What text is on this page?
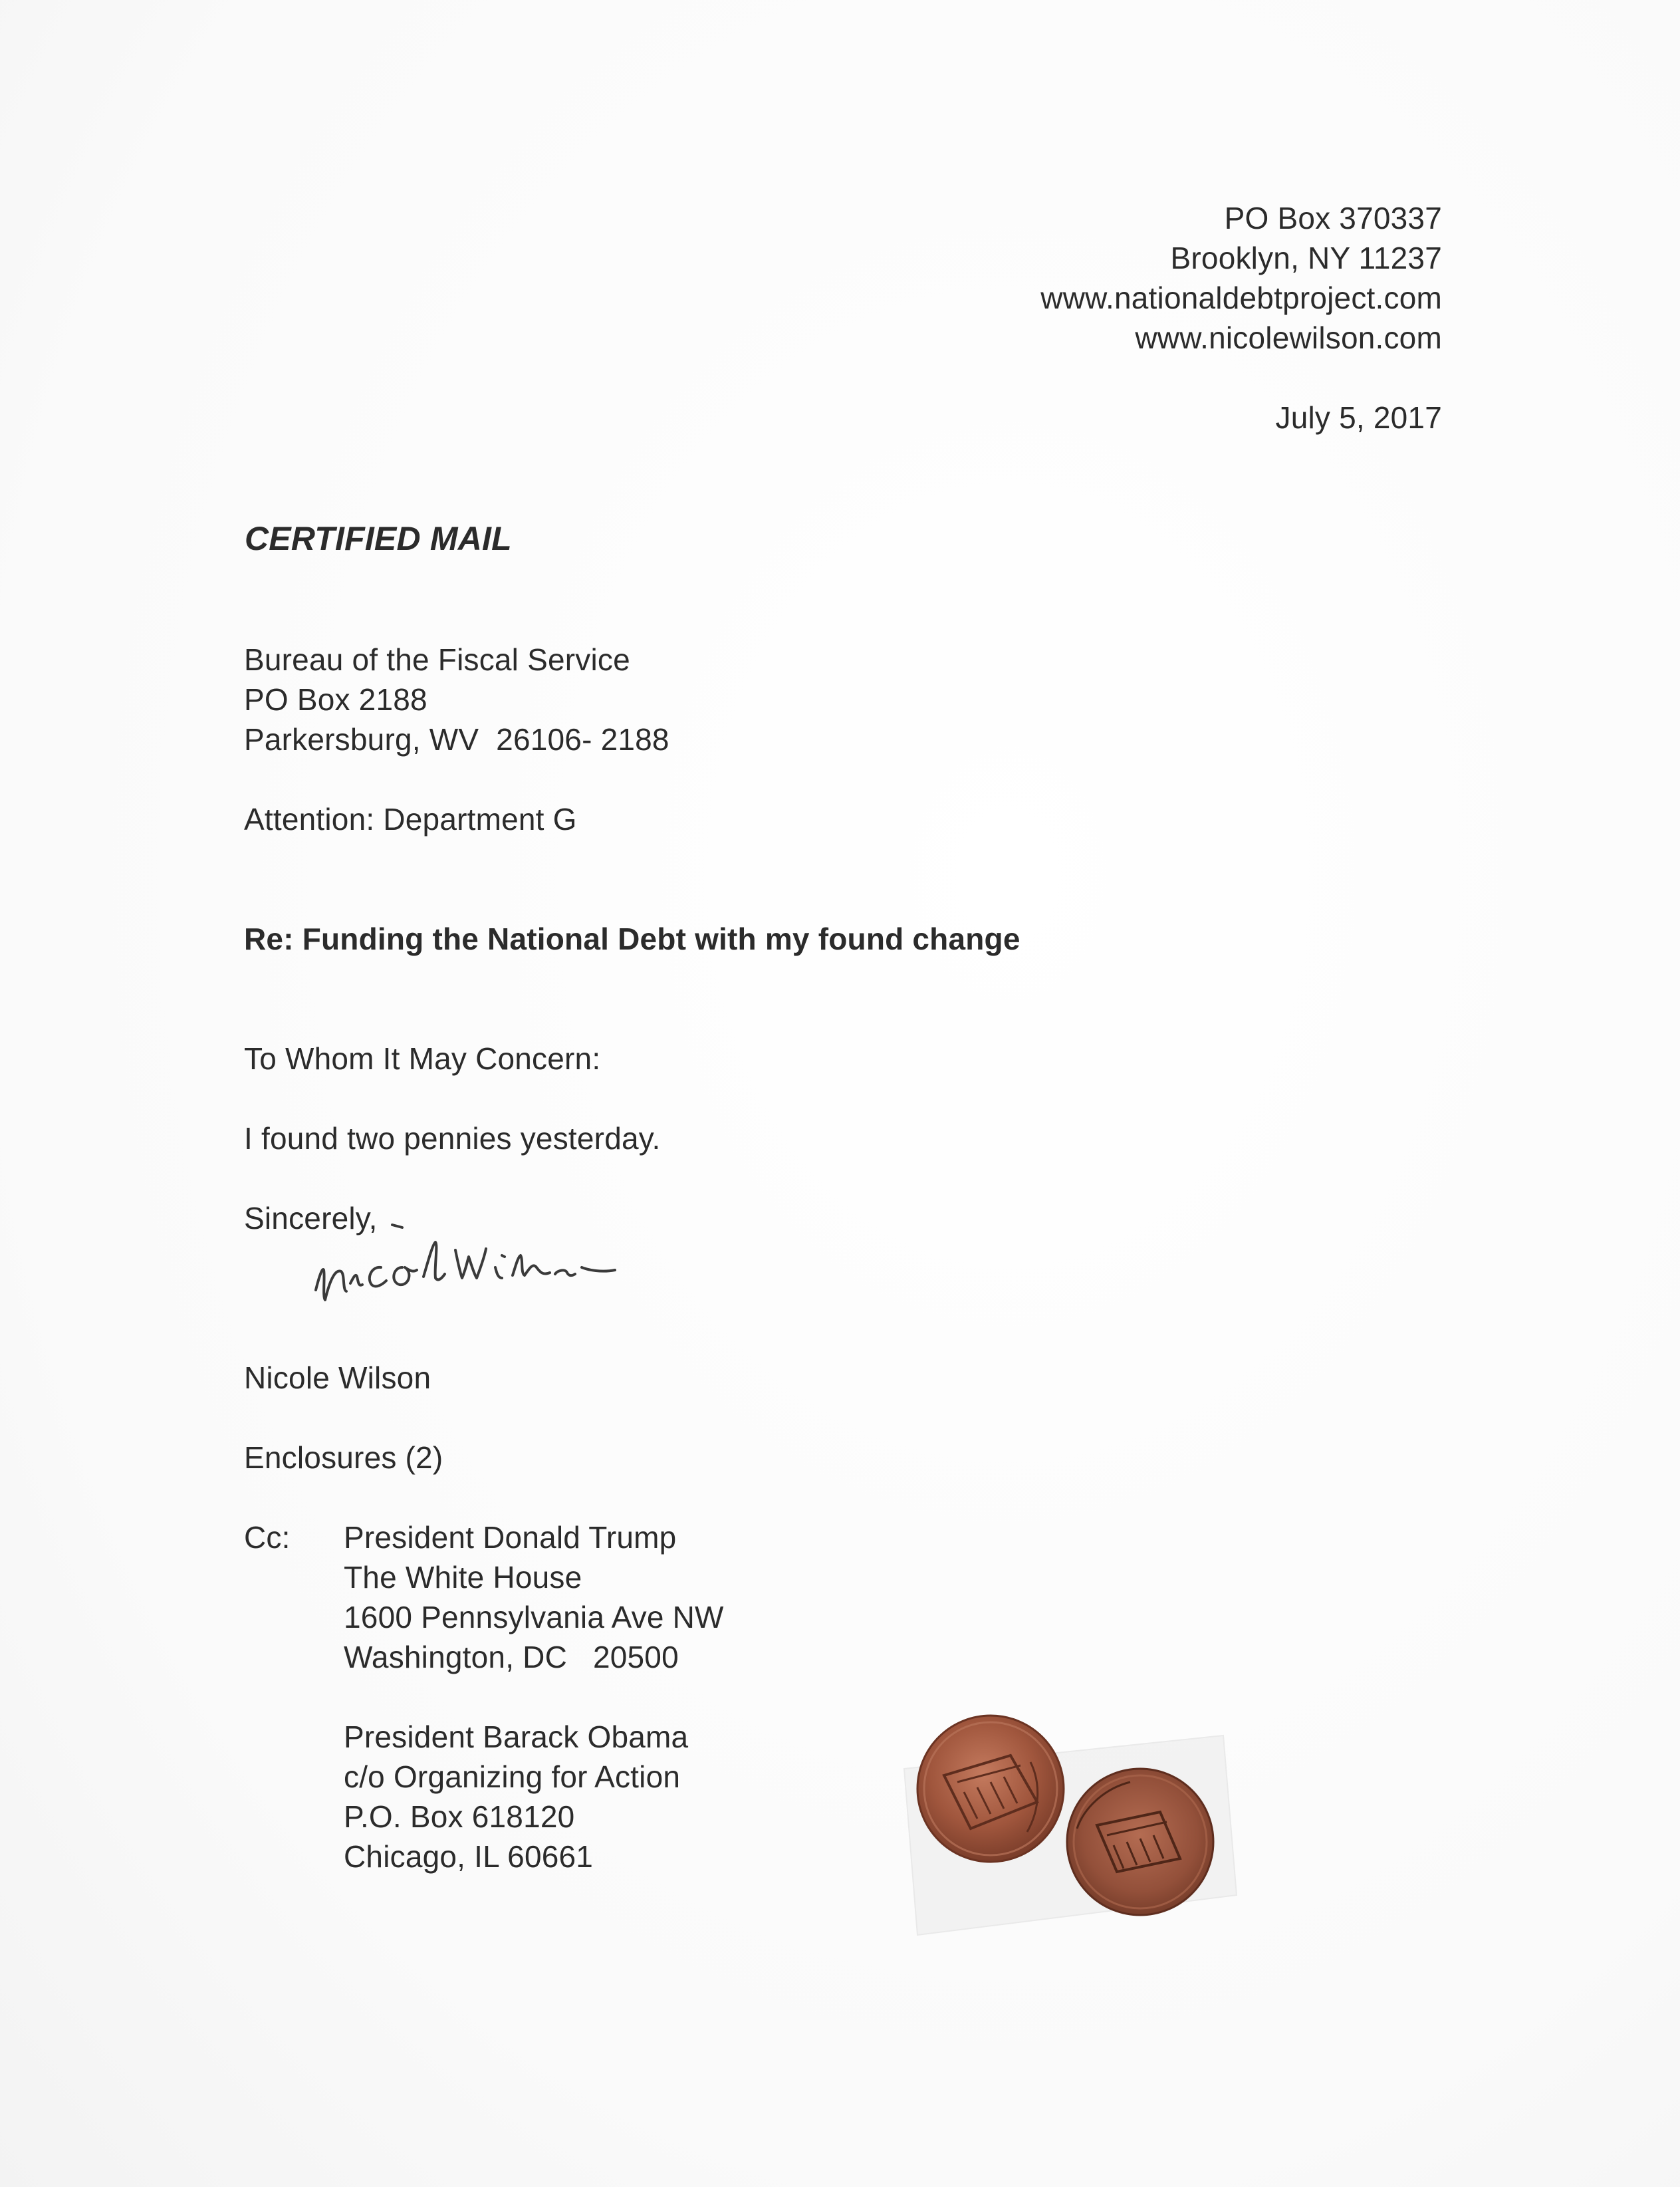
PO Box 370337
Brooklyn, NY 11237
www.nationaldebtproject.com
www.nicolewilson.com
July 5, 2017
CERTIFIED MAIL
Bureau of the Fiscal Service
PO Box 2188
Parkersburg, WV  26106- 2188
Attention: Department G
Re: Funding the National Debt with my found change
To Whom It May Concern:
I found two pennies yesterday.
Sincerely,
Nicole Wilson
Enclosures (2)
Cc: President Donald Trump
The White House
1600 Pennsylvania Ave NW
Washington, DC   20500
President Barack Obama
c/o Organizing for Action
P.O. Box 618120
Chicago, IL 60661
